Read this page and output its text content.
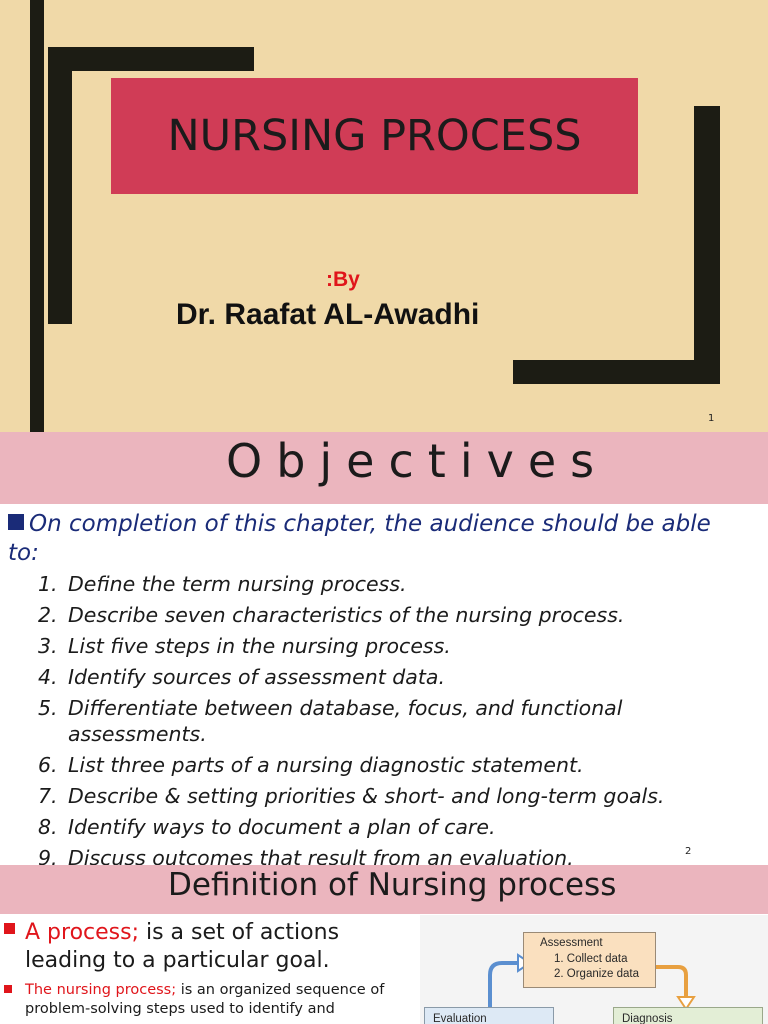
NURSING PROCESS
:By
Dr. Raafat AL-Awadhi
1
Objectives
On completion of this chapter, the audience should be able to:
1. Define the term nursing process.
2. Describe seven characteristics of the nursing process.
3. List five steps in the nursing process.
4. Identify sources of assessment data.
5. Differentiate between database, focus, and functional assessments.
6. List three parts of a nursing diagnostic statement.
7. Describe & setting priorities & short- and long-term goals.
8. Identify ways to document a plan of care.
9. Discuss outcomes that result from an evaluation.	2
Definition of Nursing process
A process; is a set of actions leading to a particular goal.
The nursing process; is an organized sequence of problem-solving steps used to identify and
Assessment
1. Collect data
2. Organize data
Evaluation	Diagnosis
